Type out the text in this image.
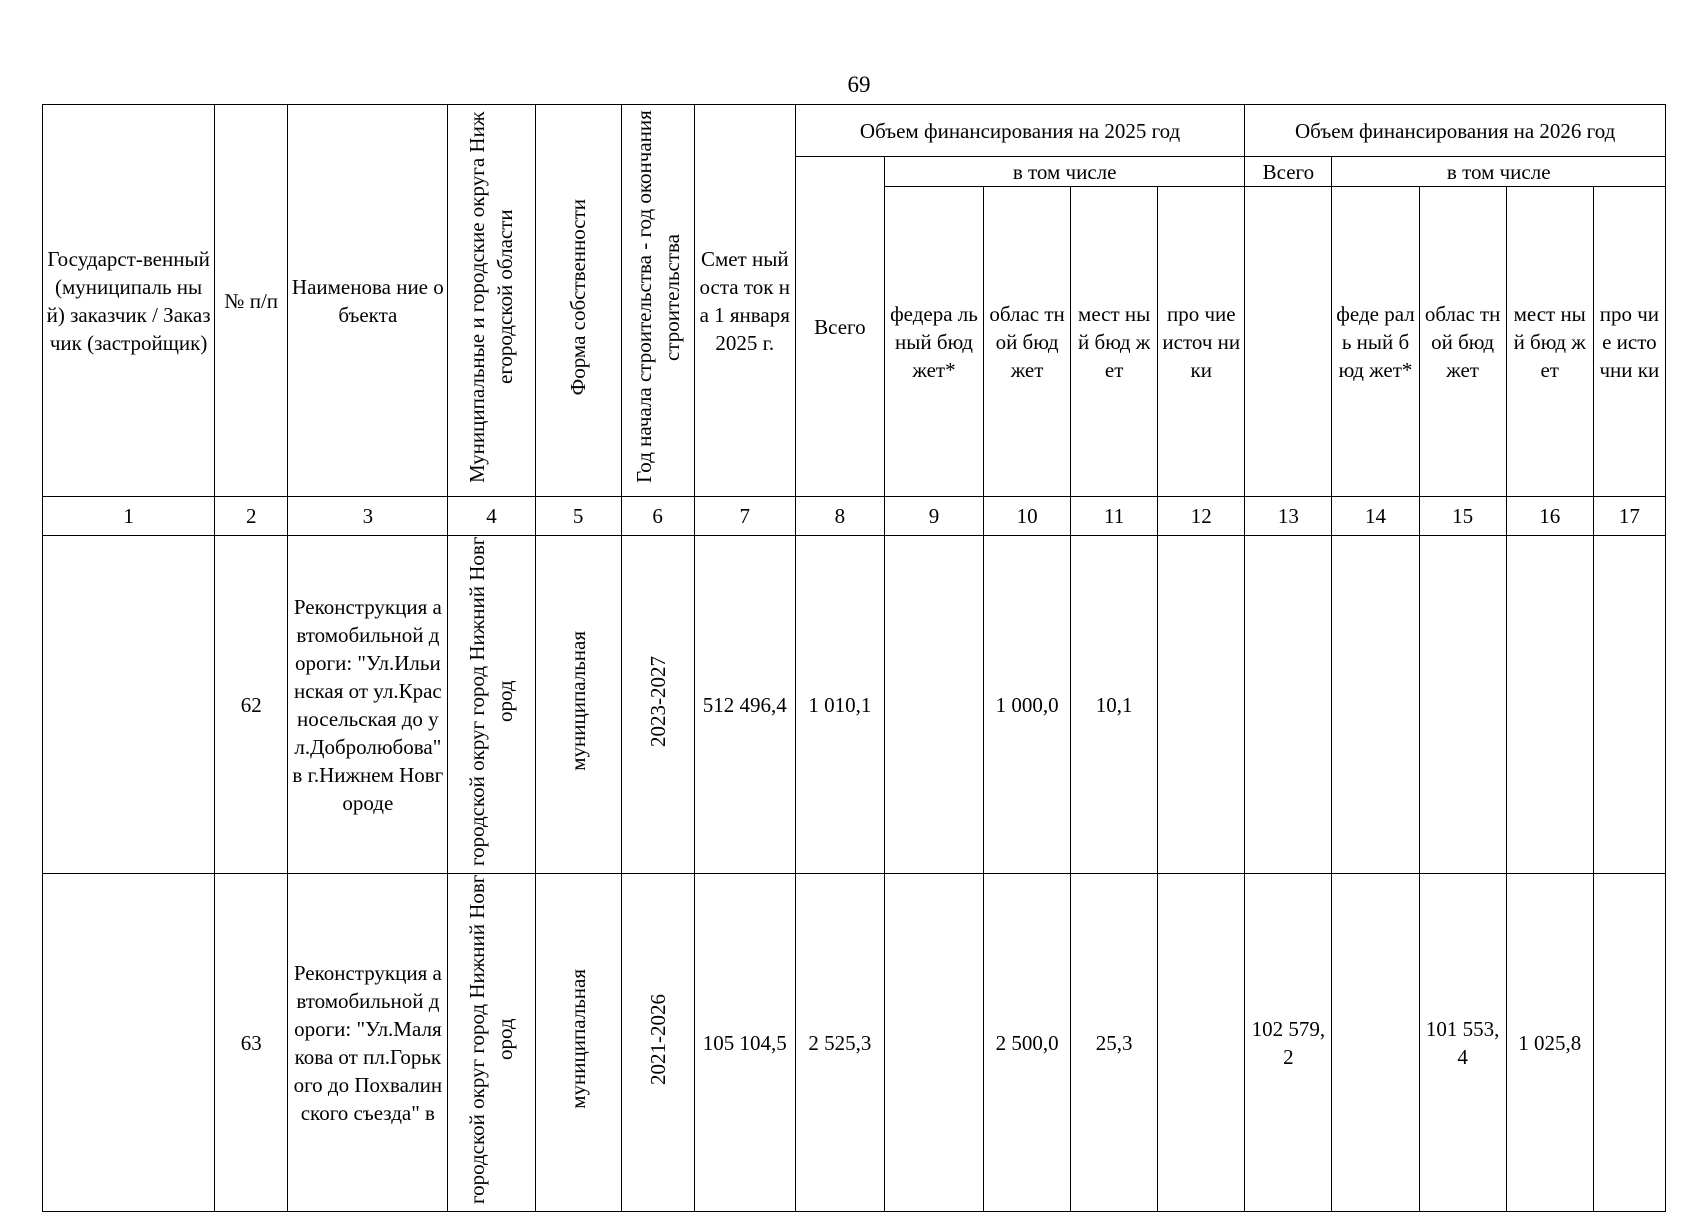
69
Государст-венный (муниципаль ный) заказчик / Заказчик (застройщик)	№ п/п	Наименова ние объекта	Муниципальные и городские округа Нижегородской области	Форма собственности	Год начала строительства - год окончания строительства	Смет ный оста ток на 1 января 2025 г.	Объем финансирования на 2025 год					Объем финансирования на 2026 год				
							Всего	в том числе				Всего	в том числе			
								федера льный бюд жет*	облас тной бюд жет	мест ный бюд жет	про чие источ ники		феде раль ный бюд жет*	облас тной бюд жет	мест ный бюд жет	про чие исто чни ки
1	2	3	4	5	6	7	8	9	10	11	12	13	14	15	16	17
	62	Реконструкция автомобильной дороги: "Ул.Ильинская от ул.Красносельская до ул.Добролюбова" в г.Нижнем Новгороде	городской округ город Нижний Новгород	муниципальная	2023-2027	512 496,4	1 010,1		1 000,0	10,1						
	63	Реконструкция автомобильной дороги: "Ул.Малякова от пл.Горького до Похвалинского съезда" в	городской округ город Нижний Новгород	муниципальная	2021-2026	105 104,5	2 525,3		2 500,0	25,3		102 579,2		101 553,4	1 025,8	
